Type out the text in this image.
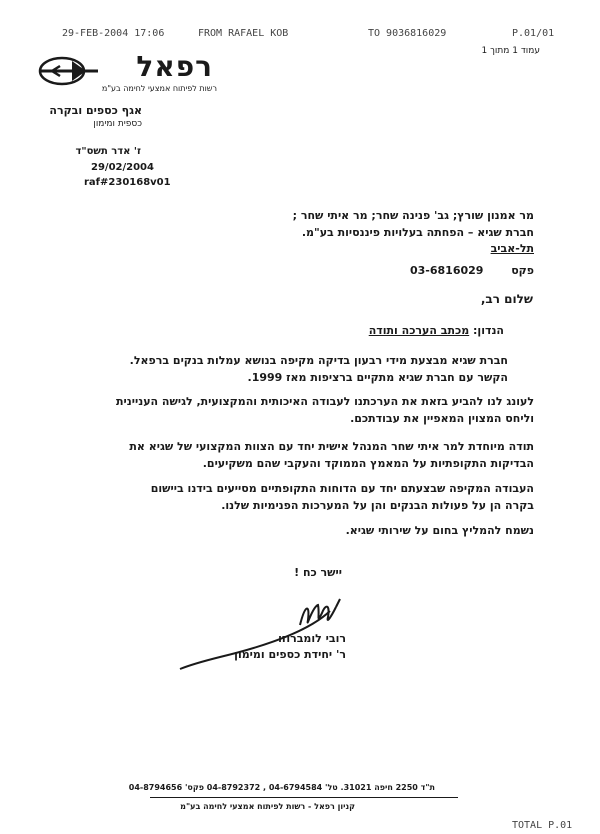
29-FEB-2004 17:06	FROM RAFAEL KOB	TO 9036816029	P.01/01
עמוד 1 מתוך 1
רפאל
רשות לפיתוח אמצעי לחימה בע"מ
אגף כספים ובקרה
כספית ומימון
ז' אדר תשס"ד
29/02/2004
raf#230168v01
מר אמנון שורץ; גב' פנינה שחר; מר איתי שחר ;
חברת שגיא – הפחתה בעלויות פיננסיות בע"מ.
תל-אביב
פקס
03-6816029
שלום רב,
הנדון: מכתב הערכה ותודה
חברת שגיא מבצעת מידי רבעון בדיקה מקיפה בנושא עמלות בנקים ברפאל.
הקשר עם חברת שגיא מתקיים ברציפות מאז 1999.
לעונג לנו להביע בזאת את הערכתנו לעבודה האיכותית והמקצועית, לגישה העניינית
וליחס המצוין המאפיין את עבודתכם.
תודה מיוחדת למר איתי שחר המנהל אישית יחד עם הצוות המקצועי של שגיא את
הבדיקות התקופתיות על המאמץ הממוקד והעקבי שהם משקיעים.
העבודה המקיפה שבצעתם יחד עם הדוחות התקופתיים מסייעים בידנו ביישום
בקרה הן על פעולות הבנקים והן על המערכות הפנימיות שלנו.
נשמח להמליץ בחום על שירותי שגיא.
יישר כח !
רובי לומברוזו
ר' יחידת כספים ומימון
ת"ד 2250 חיפה 31021. טל' 04-6794584 , 04-8792372 פקס' 04-8794656
קניון רפאל - רשות לפיתוח אמצעי לחימה בע"מ
TOTAL P.01
